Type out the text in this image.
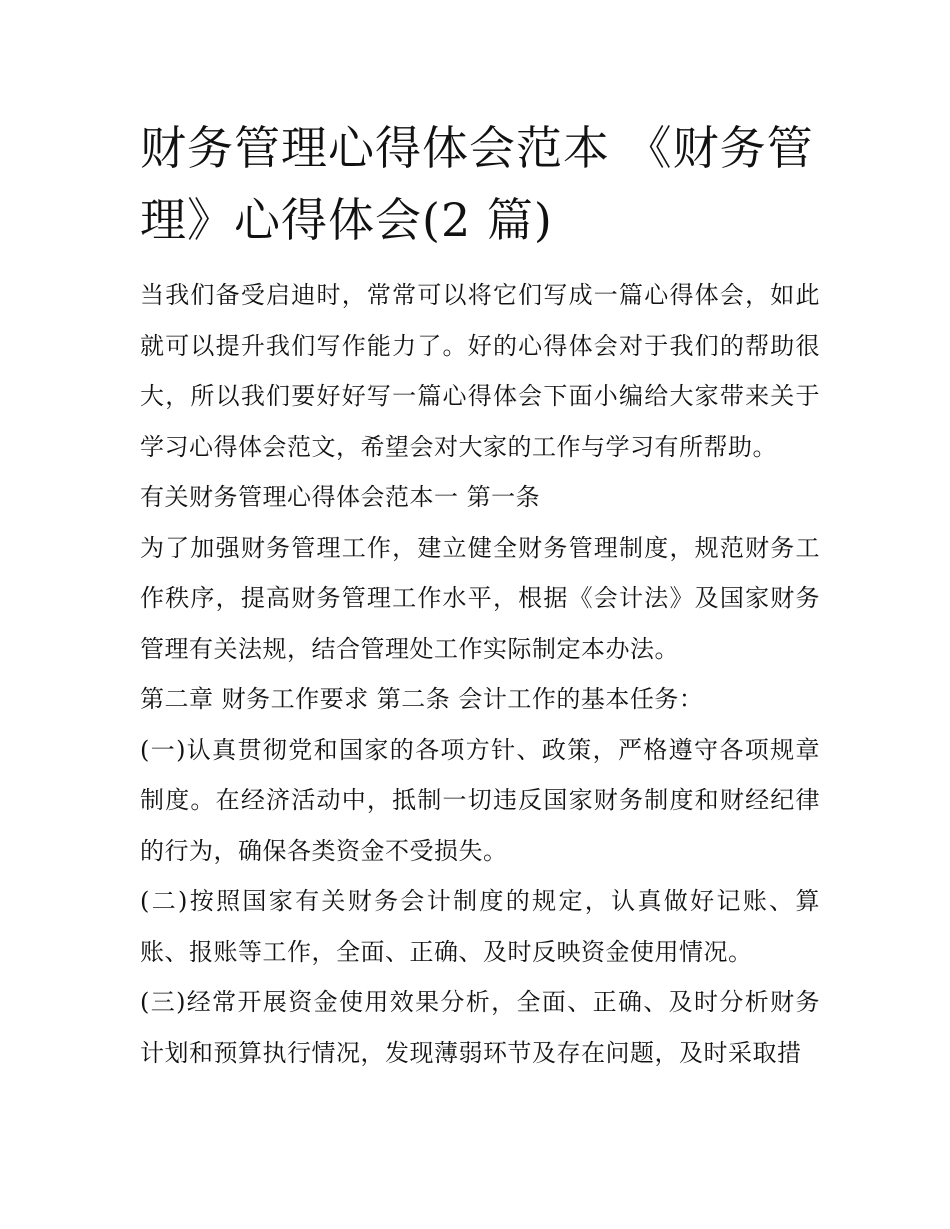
财务管理心得体会范本 《财务管理》心得体会(2 篇)

当我们备受启迪时，常常可以将它们写成一篇心得体会，如此就可以提升我们写作能力了。好的心得体会对于我们的帮助很大，所以我们要好好写一篇心得体会下面小编给大家带来关于学习心得体会范文，希望会对大家的工作与学习有所帮助。

有关财务管理心得体会范本一 第一条

为了加强财务管理工作，建立健全财务管理制度，规范财务工作秩序，提高财务管理工作水平，根据《会计法》及国家财务管理有关法规，结合管理处工作实际制定本办法。

第二章 财务工作要求 第二条 会计工作的基本任务：

(一)认真贯彻党和国家的各项方针、政策，严格遵守各项规章制度。在经济活动中，抵制一切违反国家财务制度和财经纪律的行为，确保各类资金不受损失。

(二)按照国家有关财务会计制度的规定，认真做好记账、算账、报账等工作，全面、正确、及时反映资金使用情况。

(三)经常开展资金使用效果分析，全面、正确、及时分析财务计划和预算执行情况，发现薄弱环节及存在问题，及时采取措
